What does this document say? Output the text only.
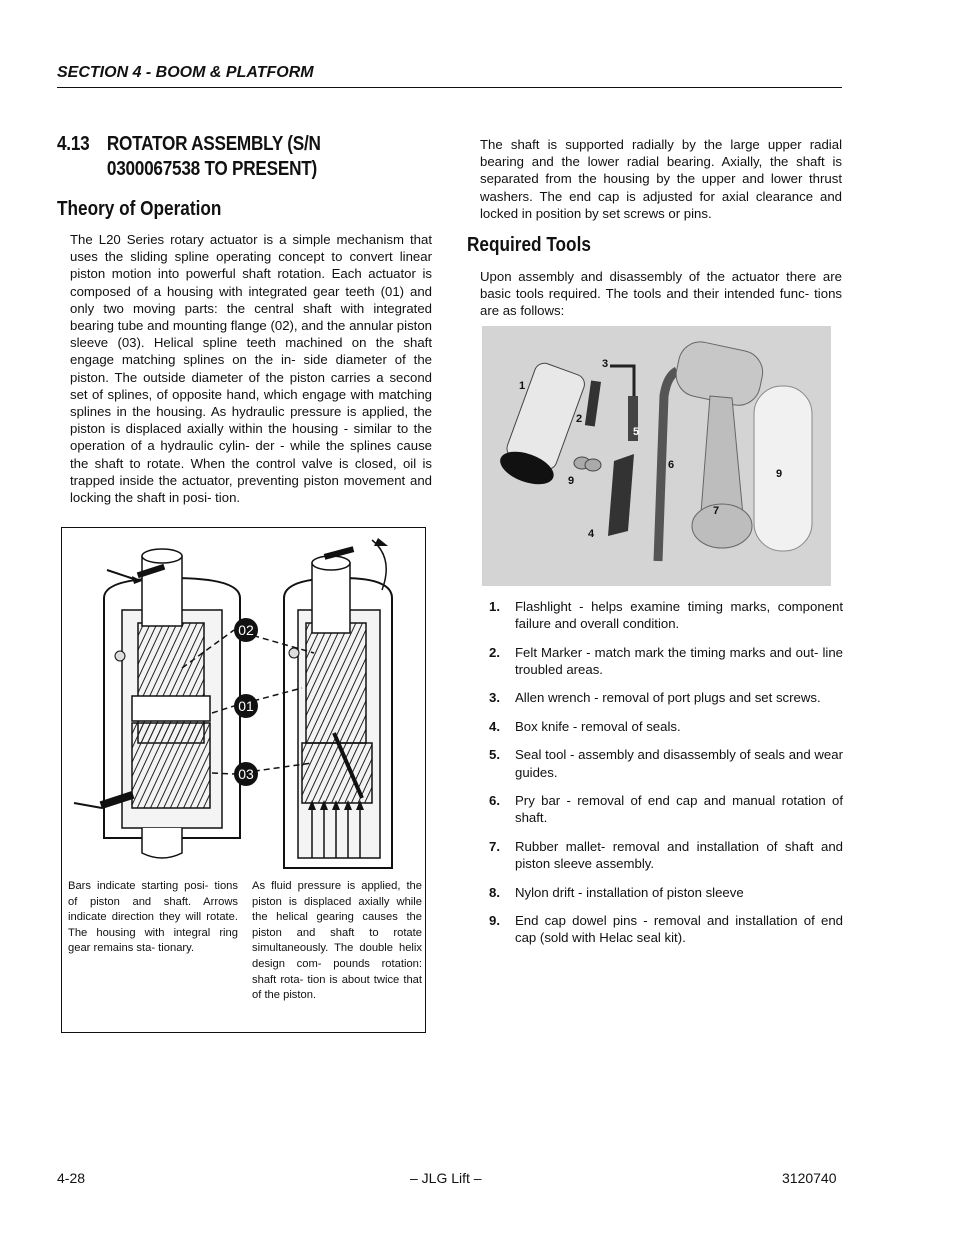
SECTION 4 - BOOM & PLATFORM
4.13 ROTATOR ASSEMBLY (S/N 0300067538 TO PRESENT)
Theory of Operation
The L20 Series rotary actuator is a simple mechanism that uses the sliding spline operating concept to convert linear piston motion into powerful shaft rotation. Each actuator is composed of a housing with integrated gear teeth (01) and only two moving parts: the central shaft with integrated bearing tube and mounting flange (02), and the annular piston sleeve (03). Helical spline teeth machined on the shaft engage matching splines on the in- side diameter of the piston. The outside diameter of the piston carries a second set of splines, of opposite hand, which engage with matching splines in the housing. As hydraulic pressure is applied, the piston is displaced axially within the housing - similar to the operation of a hydraulic cylin- der - while the splines cause the shaft to rotate. When the control valve is closed, oil is trapped inside the actuator, preventing piston movement and locking the shaft in posi- tion.
02
01
03
Bars indicate starting posi- tions of piston and shaft. Arrows indicate direction they will rotate. The housing with integral ring gear remains sta- tionary.
As fluid pressure is applied, the piston is displaced axially while the helical gearing causes the piston and shaft to rotate simultaneously. The double helix design com- pounds rotation: shaft rota- tion is about twice that of the piston.
The shaft is supported radially by the large upper radial bearing and the lower radial bearing. Axially, the shaft is separated from the housing by the upper and lower thrust washers. The end cap is adjusted for axial clearance and locked in position by set screws or pins.
Required Tools
Upon assembly and disassembly of the actuator there are basic tools required. The tools and their intended func- tions are as follows:
1
2
3
4
5
6
7
9
9
1. Flashlight - helps examine timing marks, component failure and overall condition.
2. Felt Marker - match mark the timing marks and out- line troubled areas.
3. Allen wrench - removal of port plugs and set screws.
4. Box knife - removal of seals.
5. Seal tool - assembly and disassembly of seals and wear guides.
6. Pry bar - removal of end cap and manual rotation of shaft.
7. Rubber mallet- removal and installation of shaft and piston sleeve assembly.
8. Nylon drift - installation of piston sleeve
9. End cap dowel pins - removal and installation of end cap (sold with Helac seal kit).
4-28	– JLG Lift –	3120740
